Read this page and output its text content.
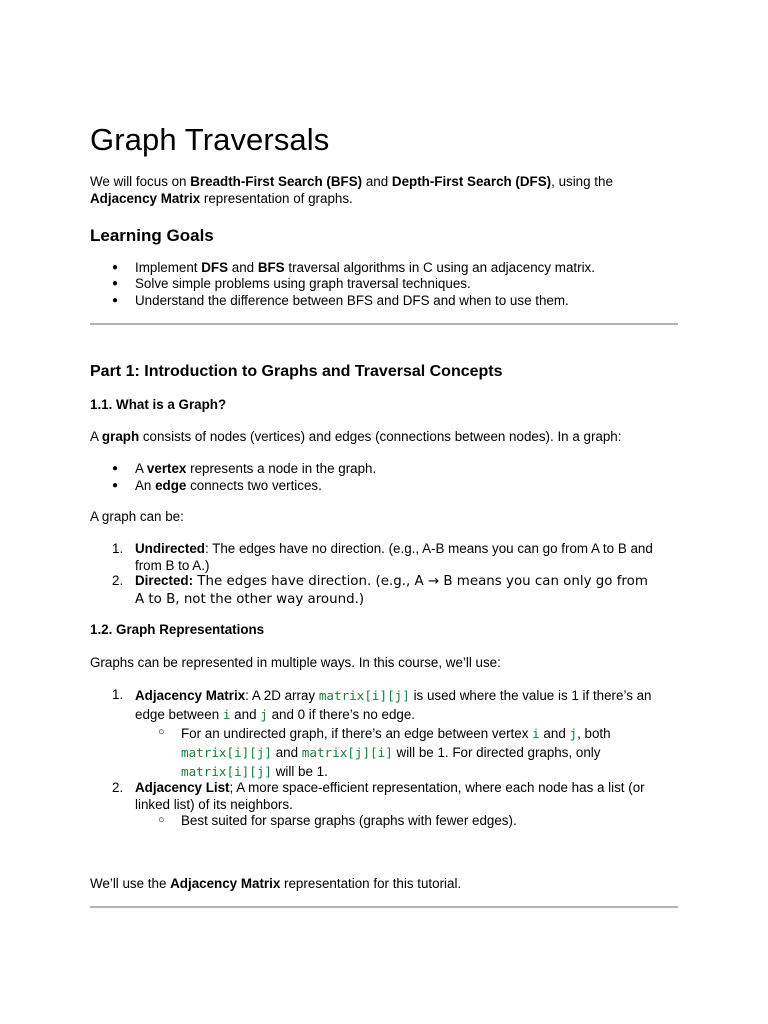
Graph Traversals

We will focus on Breadth-First Search (BFS) and Depth-First Search (DFS), using the
Adjacency Matrix representation of graphs.

Learning Goals
● Implement DFS and BFS traversal algorithms in C using an adjacency matrix.
● Solve simple problems using graph traversal techniques.
● Understand the difference between BFS and DFS and when to use them.
Part 1: Introduction to Graphs and Traversal Concepts
1.1. What is a Graph?

A graph consists of nodes (vertices) and edges (connections between nodes). In a graph:

● A vertex represents a node in the graph.
● An edge connects two vertices.

A graph can be:

1. Undirected: The edges have no direction. (e.g., A-B means you can go from A to B and
from B to A.)
2. Directed: The edges have direction. (e.g., A → B means you can only go from
A to B, not the other way around.)
1.2. Graph Representations

Graphs can be represented in multiple ways. In this course, we’ll use:

1. Adjacency Matrix: A 2D array matrix[i][j] is used where the value is 1 if there’s an
edge between i and j and 0 if there’s no edge.
○ For an undirected graph, if there’s an edge between vertex i and j, both
matrix[i][j] and matrix[j][i] will be 1. For directed graphs, only
matrix[i][j] will be 1.
2. Adjacency List; A more space-efficient representation, where each node has a list (or
linked list) of its neighbors.
○ Best suited for sparse graphs (graphs with fewer edges).

We’ll use the Adjacency Matrix representation for this tutorial.
